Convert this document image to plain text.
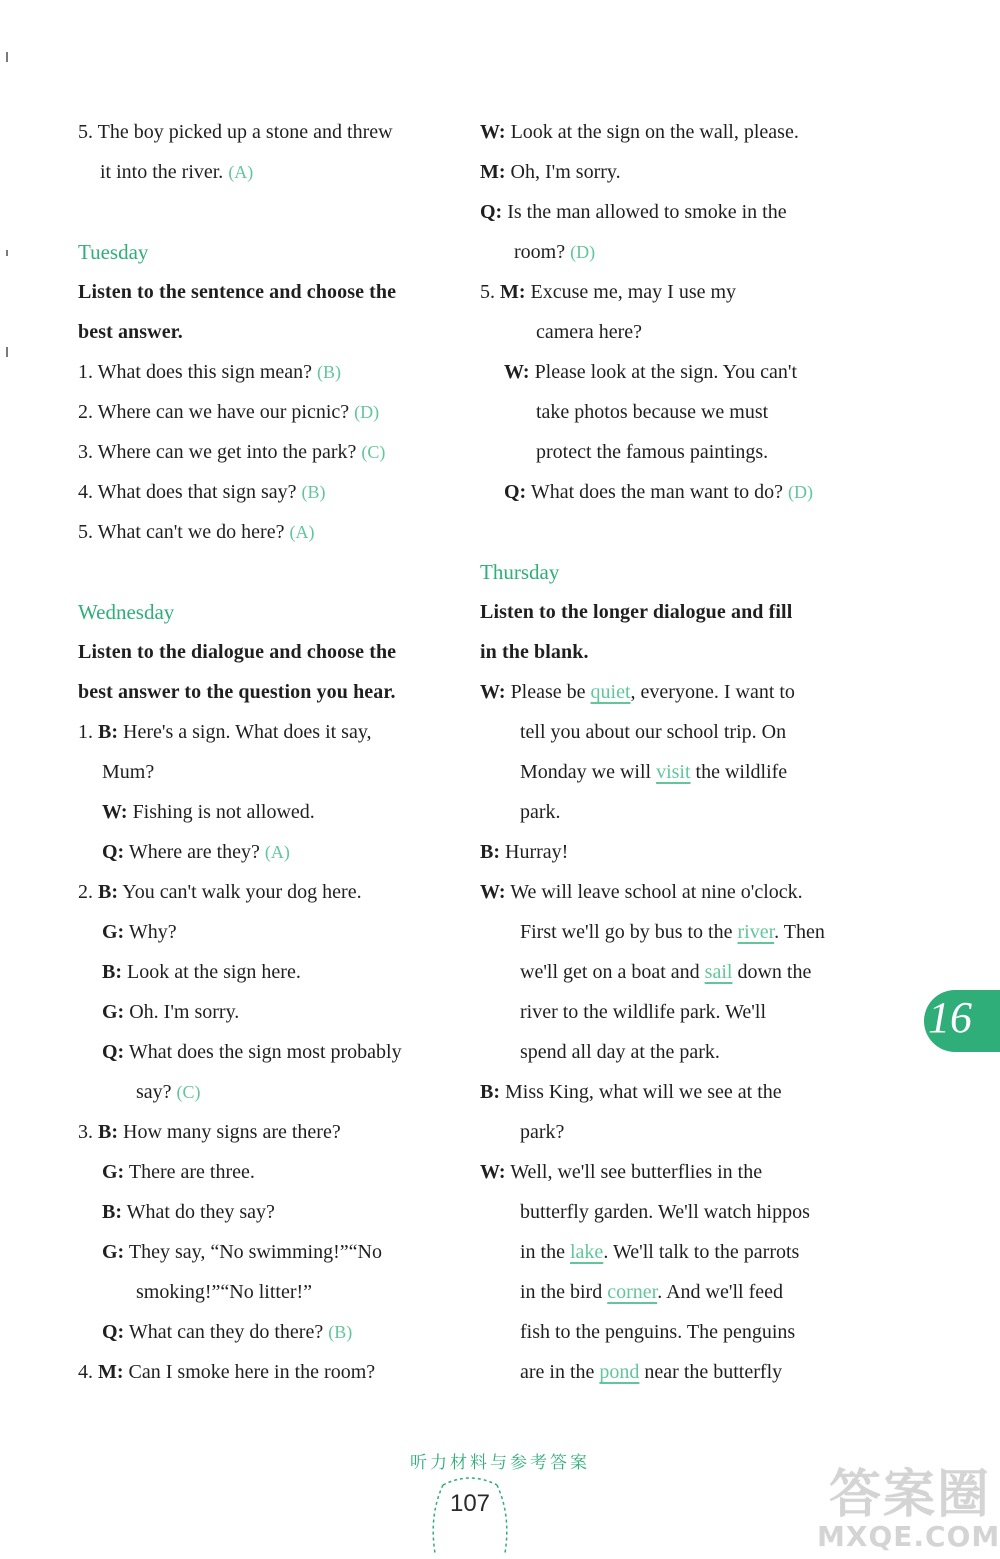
5. The boy picked up a stone and threw
it into the river. (A)
Tuesday
Listen to the sentence and choose the
best answer.
1. What does this sign mean? (B)
2. Where can we have our picnic? (D)
3. Where can we get into the park? (C)
4. What does that sign say? (B)
5. What can't we do here? (A)
Wednesday
Listen to the dialogue and choose the
best answer to the question you hear.
1. B: Here's a sign. What does it say,
Mum?
W: Fishing is not allowed.
Q: Where are they? (A)
2. B: You can't walk your dog here.
G: Why?
B: Look at the sign here.
G: Oh. I'm sorry.
Q: What does the sign most probably
say? (C)
3. B: How many signs are there?
G: There are three.
B: What do they say?
G: They say, “No swimming!”“No
smoking!”“No litter!”
Q: What can they do there? (B)
4. M: Can I smoke here in the room?
W: Look at the sign on the wall, please.
M: Oh, I'm sorry.
Q: Is the man allowed to smoke in the
room? (D)
5. M: Excuse me, may I use my
camera here?
W: Please look at the sign. You can't
take photos because we must
protect the famous paintings.
Q: What does the man want to do? (D)
Thursday
Listen to the longer dialogue and fill
in the blank.
W: Please be quiet, everyone. I want to
tell you about our school trip. On
Monday we will visit the wildlife
park.
B: Hurray!
W: We will leave school at nine o'clock.
First we'll go by bus to the river. Then
we'll get on a boat and sail down the
river to the wildlife park. We'll
spend all day at the park.
B: Miss King, what will we see at the
park?
W: Well, we'll see butterflies in the
butterfly garden. We'll watch hippos
in the lake. We'll talk to the parrots
in the bird corner. And we'll feed
fish to the penguins. The penguins
are in the pond near the butterfly
16
听力材料与参考答案
107	答案圈
MXQE.COM
